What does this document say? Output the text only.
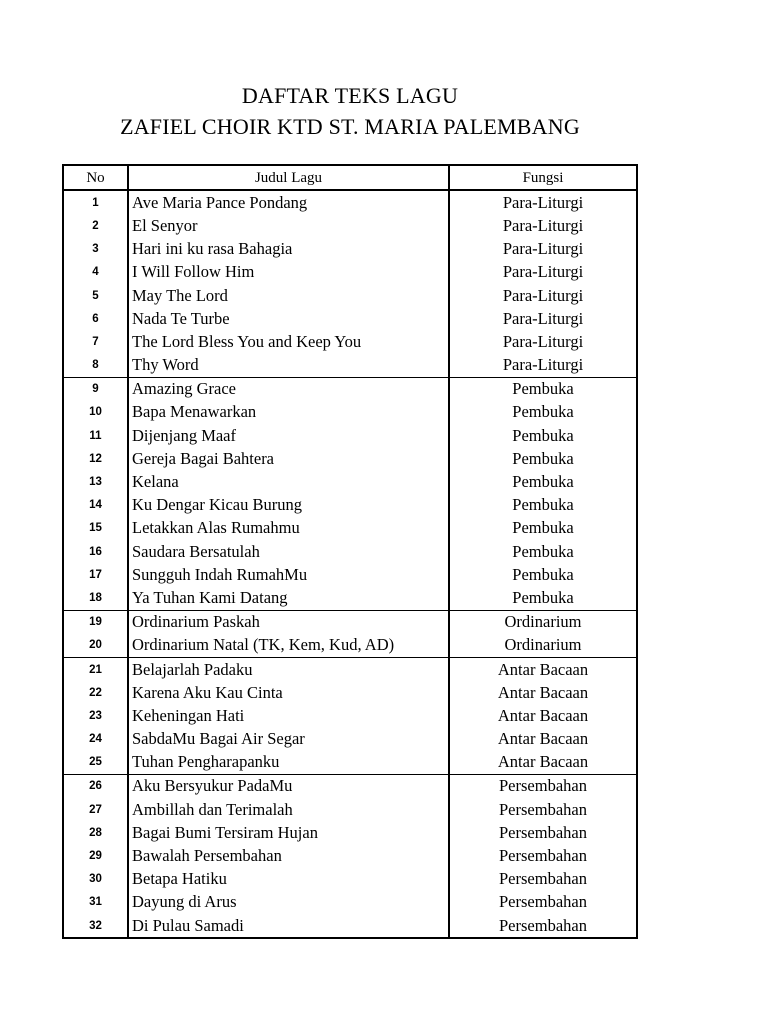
DAFTAR TEKS LAGU
ZAFIEL CHOIR KTD ST. MARIA PALEMBANG
No	Judul Lagu	Fungsi
1	Ave Maria Pance Pondang	Para-Liturgi
2	El Senyor	Para-Liturgi
3	Hari ini ku rasa Bahagia	Para-Liturgi
4	I Will Follow Him	Para-Liturgi
5	May The Lord	Para-Liturgi
6	Nada Te Turbe	Para-Liturgi
7	The Lord Bless You and Keep You	Para-Liturgi
8	Thy Word	Para-Liturgi
9	Amazing Grace	Pembuka
10	Bapa Menawarkan	Pembuka
11	Dijenjang Maaf	Pembuka
12	Gereja Bagai Bahtera	Pembuka
13	Kelana	Pembuka
14	Ku Dengar Kicau Burung	Pembuka
15	Letakkan Alas Rumahmu	Pembuka
16	Saudara Bersatulah	Pembuka
17	Sungguh Indah RumahMu	Pembuka
18	Ya Tuhan Kami Datang	Pembuka
19	Ordinarium Paskah	Ordinarium
20	Ordinarium Natal (TK, Kem, Kud, AD)	Ordinarium
21	Belajarlah Padaku	Antar Bacaan
22	Karena Aku Kau Cinta	Antar Bacaan
23	Keheningan Hati	Antar Bacaan
24	SabdaMu Bagai Air Segar	Antar Bacaan
25	Tuhan Pengharapanku	Antar Bacaan
26	Aku Bersyukur PadaMu	Persembahan
27	Ambillah dan Terimalah	Persembahan
28	Bagai Bumi Tersiram Hujan	Persembahan
29	Bawalah Persembahan	Persembahan
30	Betapa Hatiku	Persembahan
31	Dayung di Arus	Persembahan
32	Di Pulau Samadi	Persembahan
